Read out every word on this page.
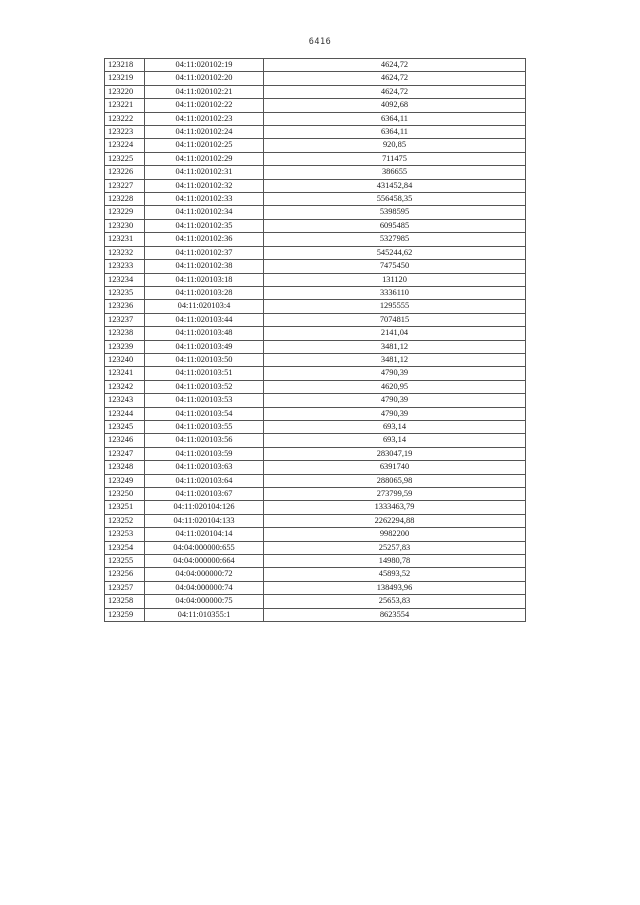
6416
123218	04:11:020102:19	4624,72
123219	04:11:020102:20	4624,72
123220	04:11:020102:21	4624,72
123221	04:11:020102:22	4092,68
123222	04:11:020102:23	6364,11
123223	04:11:020102:24	6364,11
123224	04:11:020102:25	920,85
123225	04:11:020102:29	711475
123226	04:11:020102:31	386655
123227	04:11:020102:32	431452,84
123228	04:11:020102:33	556458,35
123229	04:11:020102:34	5398595
123230	04:11:020102:35	6095485
123231	04:11:020102:36	5327985
123232	04:11:020102:37	545244,62
123233	04:11:020102:38	7475450
123234	04:11:020103:18	131120
123235	04:11:020103:28	3336110
123236	04:11:020103:4	1295555
123237	04:11:020103:44	7074815
123238	04:11:020103:48	2141,04
123239	04:11:020103:49	3481,12
123240	04:11:020103:50	3481,12
123241	04:11:020103:51	4790,39
123242	04:11:020103:52	4620,95
123243	04:11:020103:53	4790,39
123244	04:11:020103:54	4790,39
123245	04:11:020103:55	693,14
123246	04:11:020103:56	693,14
123247	04:11:020103:59	283047,19
123248	04:11:020103:63	6391740
123249	04:11:020103:64	288065,98
123250	04:11:020103:67	273799,59
123251	04:11:020104:126	1333463,79
123252	04:11:020104:133	2262294,88
123253	04:11:020104:14	9982200
123254	04:04:000000:655	25257,83
123255	04:04:000000:664	14980,78
123256	04:04:000000:72	45893,52
123257	04:04:000000:74	138493,96
123258	04:04:000000:75	25653,83
123259	04:11:010355:1	8623554
